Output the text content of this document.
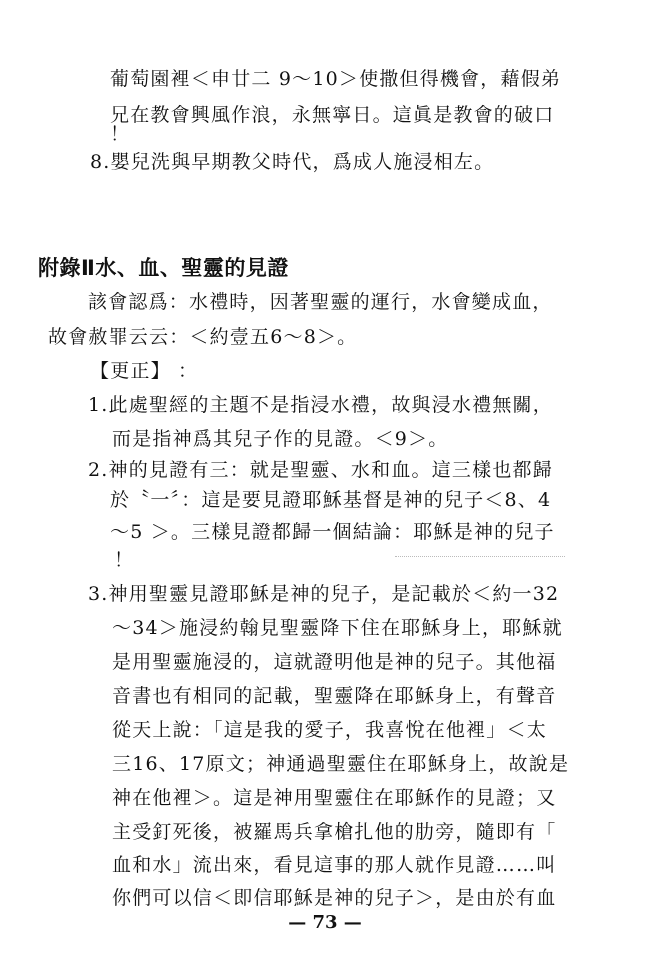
葡萄園裡＜申廿二 9～10＞使撒但得機會，藉假弟
兄在教會興風作浪，永無寧日。這眞是教會的破口
！
8.嬰兒洗與早期教父時代，爲成人施浸相左。
附錄Ⅱ水、血、聖靈的見證
該會認爲：水禮時，因著聖靈的運行，水會變成血，
故會赦罪云云：＜約壹五6～8＞。
【更正】 ：
1.此處聖經的主題不是指浸水禮，故與浸水禮無關，
而是指神爲其兒子作的見證。＜9＞。
2.神的見證有三：就是聖靈、水和血。這三樣也都歸
於〝一〞：這是要見證耶穌基督是神的兒子＜8、4
～5 ＞。三樣見證都歸一個結論：耶穌是神的兒子
！
3.神用聖靈見證耶穌是神的兒子，是記載於＜約一32
～34＞施浸約翰見聖靈降下住在耶穌身上，耶穌就
是用聖靈施浸的，這就證明他是神的兒子。其他福
音書也有相同的記載，聖靈降在耶穌身上，有聲音
從天上說：「這是我的愛子，我喜悅在他裡」＜太
三16、17原文；神通過聖靈住在耶穌身上，故說是
神在他裡＞。這是神用聖靈住在耶穌作的見證；又
主受釘死後，被羅馬兵拿槍扎他的肋旁，隨即有「
血和水」流出來，看見這事的那人就作見證……叫
你們可以信＜即信耶穌是神的兒子＞，是由於有血
— 73 —
